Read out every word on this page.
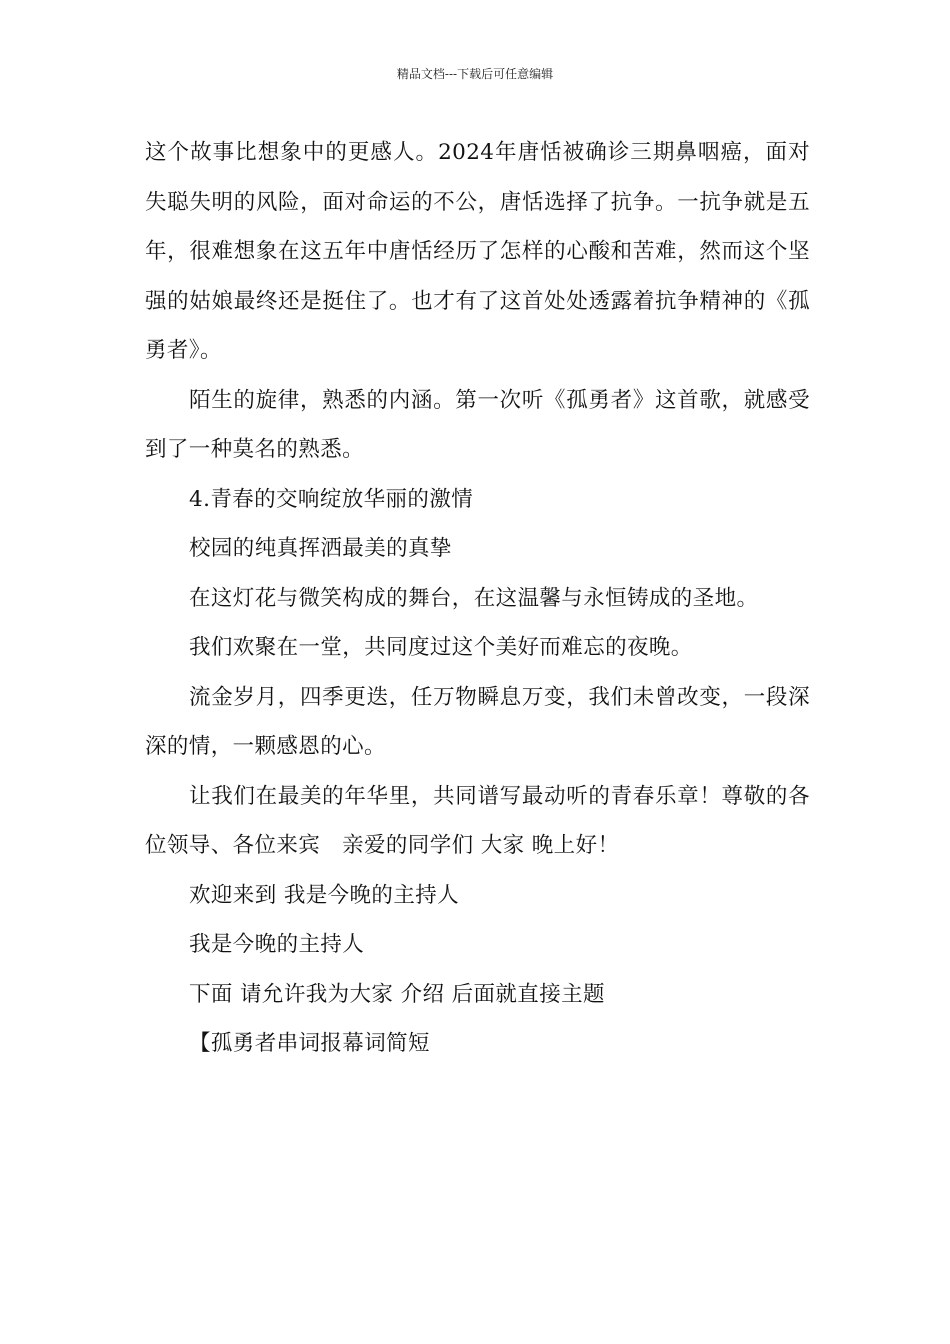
精品文档---下载后可任意编辑

这个故事比想象中的更感人。2024年唐恬被确诊三期鼻咽癌，面对失聪失明的风险，面对命运的不公，唐恬选择了抗争。一抗争就是五年，很难想象在这五年中唐恬经历了怎样的心酸和苦难，然而这个坚强的姑娘最终还是挺住了。也才有了这首处处透露着抗争精神的《孤勇者》。

陌生的旋律，熟悉的内涵。第一次听《孤勇者》这首歌，就感受到了一种莫名的熟悉。

4.青春的交响绽放华丽的激情

校园的纯真挥洒最美的真挚

在这灯花与微笑构成的舞台，在这温馨与永恒铸成的圣地。

我们欢聚在一堂，共同度过这个美好而难忘的夜晚。

流金岁月，四季更迭，任万物瞬息万变，我们未曾改变，一段深深的情，一颗感恩的心。

让我们在最美的年华里，共同谱写最动听的青春乐章！尊敬的各位领导、各位来宾　亲爱的同学们 大家 晚上好！

欢迎来到 我是今晚的主持人

我是今晚的主持人

下面 请允许我为大家 介绍 后面就直接主题

【孤勇者串词报幕词简短
